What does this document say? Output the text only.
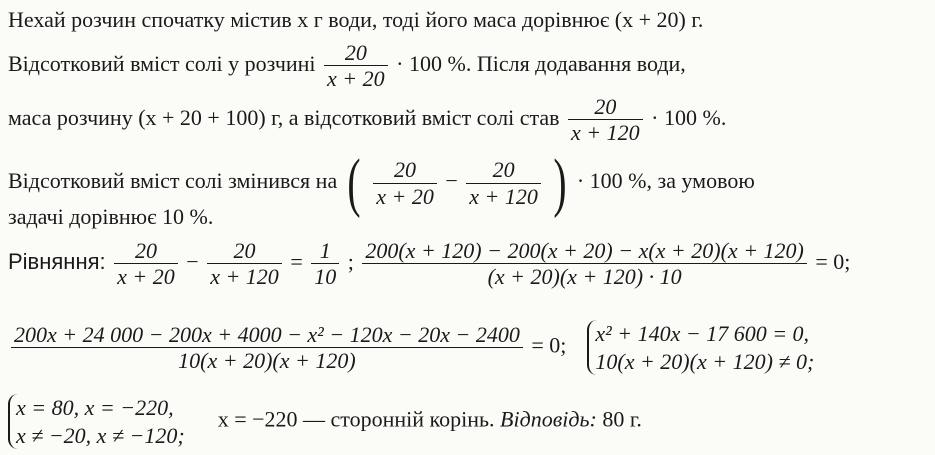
Нехай розчин спочатку містив x г води, тоді його маса дорівнює (x + 20) г.
Відсотковий вміст солі у розчині $\frac{20}{x + 20} \cdot 100$ %. Після додавання води,
маса розчину (x + 20 + 100) г, а відсотковий вміст солі став $\frac{20}{x + 120} \cdot 100$ %.
Відсотковий вміст солі змінився на ( $\frac{20}{x + 20} - \frac{20}{x + 120}$ ) · 100 %, за умовою
задачі дорівнює 10 %.
Рівняння: $\frac{20}{x + 20} - \frac{20}{x + 120} = \frac{1}{10}$ ; $\frac{200(x + 120) - 200(x + 20) - x(x + 20)(x + 120)}{(x + 20)(x + 120) \cdot 10} = 0$;
$\frac{\text{200x + 24 000 − 200x + 4000 − x² − 120x − 20x − 2400}}{10(x + 20)(x + 120)} = 0$; x² + 140x − 17 600 = 0,
10(x + 20)(x + 120) ≠ 0;
x = 80, x = −220,
x ≠ −20, x ≠ −120;
x = −220 — сторонній корінь. Відповідь: 80 г.
